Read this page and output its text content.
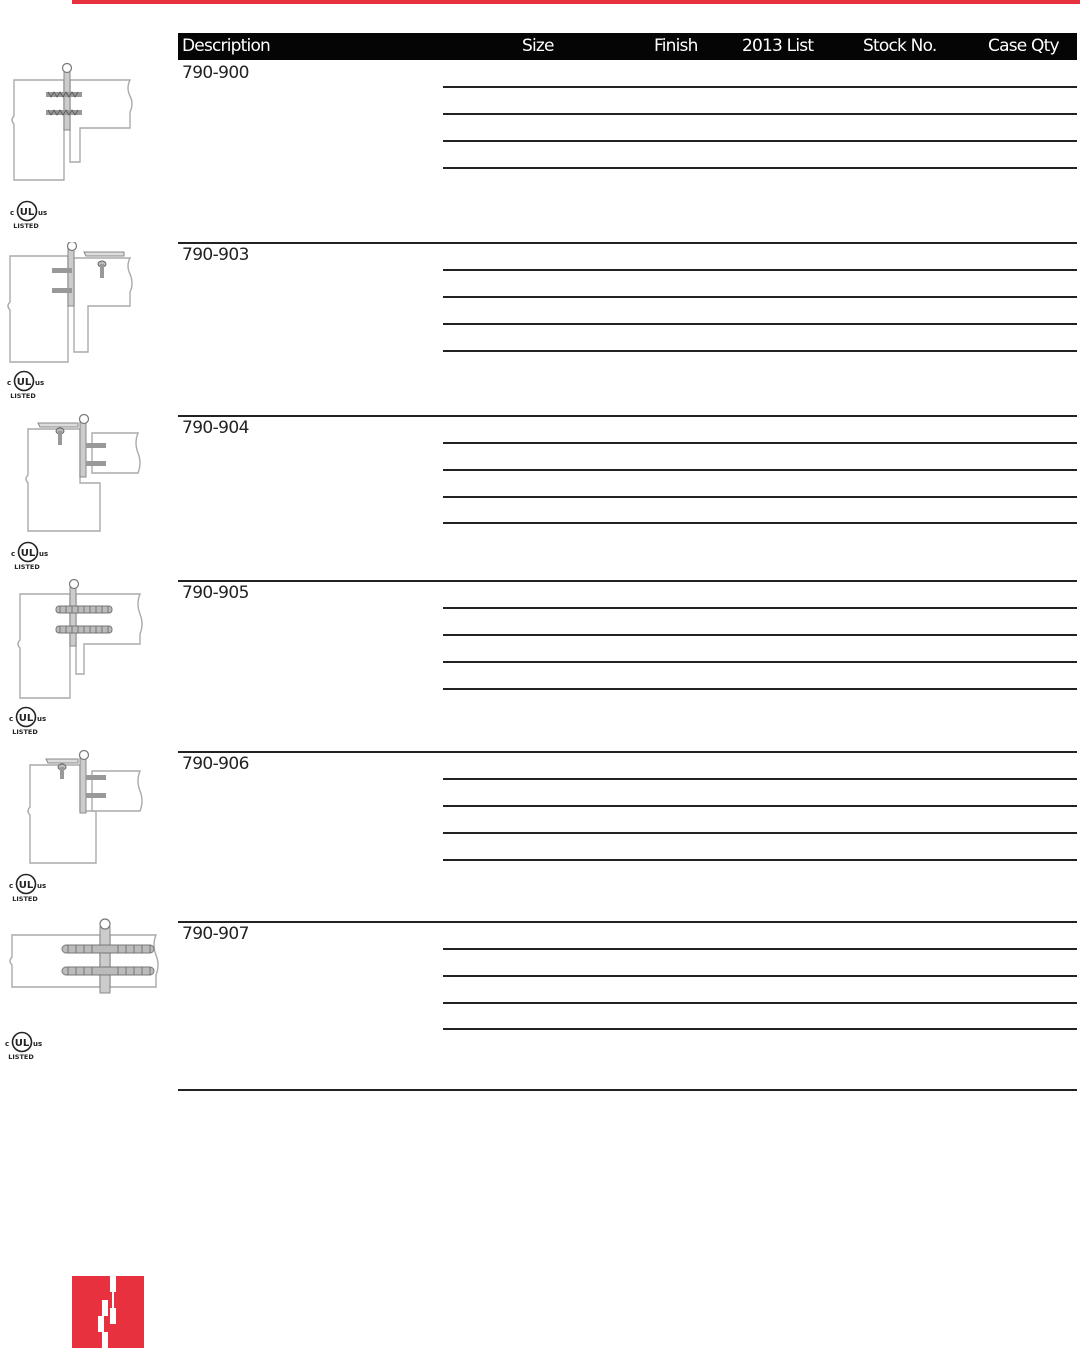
Description	Size	Finish	2013 List	Stock No.	Case Qty
790-900
UL
c	us
LISTED
790-903
UL
c	us
LISTED
790-904
UL
c	us
LISTED
790-905
UL
c	us
LISTED
790-906
UL
c	us
LISTED
790-907
UL
c	us
LISTED
